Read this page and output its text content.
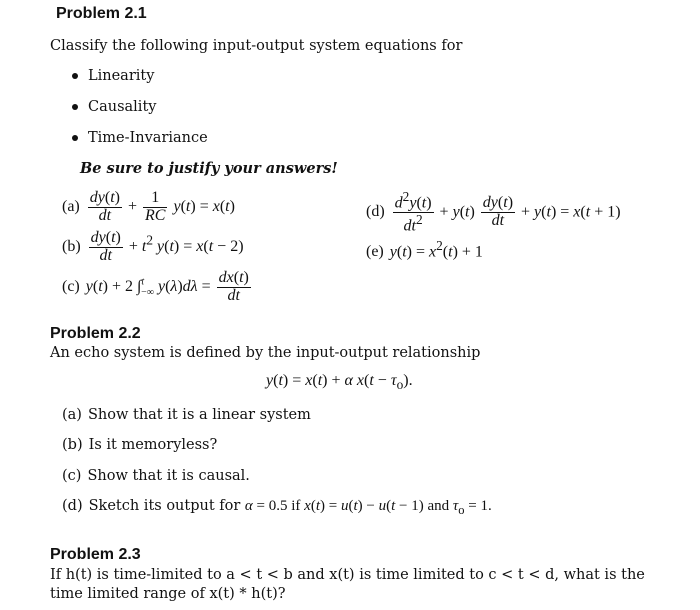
Problem 2.1
Classify the following input-output system equations for
Linearity
Causality
Time-Invariance
Be sure to justify your answers!
$(a) \frac{dy(t)}{dt} + \frac{1}{RC} y(t) = x(t)$
$(b) \frac{dy(t)}{dt} + t^2$ y(t) = x(t − 2)
(c) y(t) + 2 ∫$^t_{-\infty}$ $y(\lambda)d\lambda = \frac{dx(t)}{dt}$
$(d) \frac{d^2y(t)}{dt^2} + y(t) \frac{dy(t)}{dt} + y(t) = x(t + 1)$
(e) $y(t) = x^2(t) + 1$
Problem 2.2
An echo system is defined by the input-output relationship
y(t) = x(t) + α $x(t - \tau_o)$.
(a) Show that it is a linear system
(b) Is it memoryless?
(c) Show that it is causal.
(d) Sketch its output for α = 0.5 if x(t) = u(t) − u(t − 1) and $\tau_o = 1$.
Problem 2.3
If h(t) is time-limited to a < t < b and x(t) is time limited to c < t < d, what is the time limited range of x(t) * h(t)?
